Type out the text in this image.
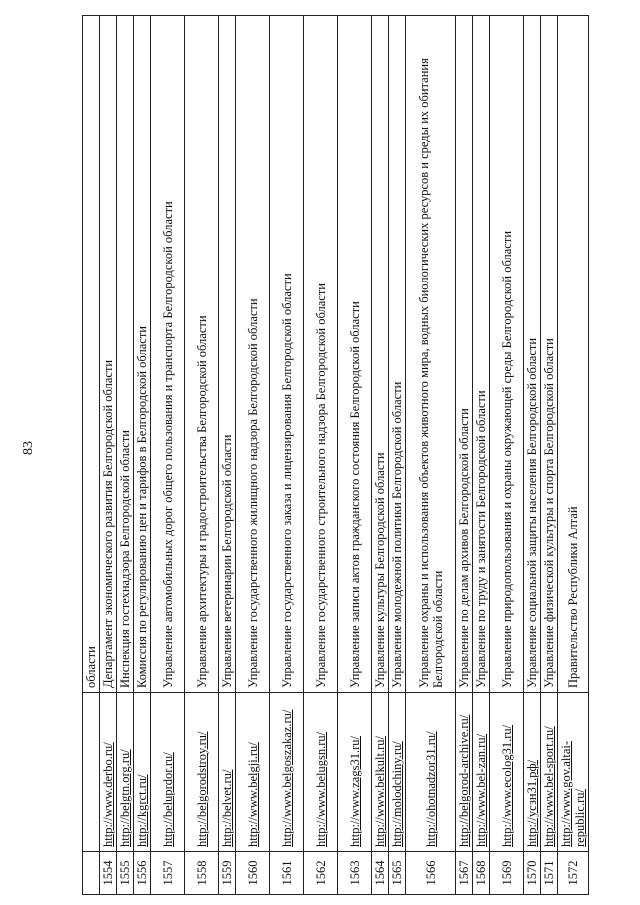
83
		области
1554	http://www.derbo.ru/	Департамент экономического развития Белгородской области
1555	http://belgtn.org.ru/	Инспекция гостехнадзора Белгородской области
1556	http://kgrct.ru/	Комиссия по регулированию цен и тарифов в Белгородской области
1557	http://beluprdor.ru/	Управление автомобильных дорог общего пользования и транспорта Белгородской области
1558	http://belgorodstroy.ru/	Управление архитектуры и градостроительства Белгородской области
1559	http://belvet.ru/	Управление ветеринарии Белгородской области
1560	http://www.belgji.ru/	Управление государственного жилищного надзора Белгородской области
1561	http://www.belgoszakaz.ru/	Управление государственного заказа и лицензирования Белгородской области
1562	http://www.belugsn.ru/	Управление государственного строительного надзора Белгородской области
1563	http://www.zags31.ru/	Управление записи актов гражданского состояния Белгородской области
1564	http://www.belkult.ru/	Управление культуры Белгородской области
1565	http://molodchiny.ru/	Управление молодежной политики Белгородской области
1566	http://ohotnadzor31.ru/	Управление охраны и использования объектов животного мира, водных биологических ресурсов и среды их обитания Белгородской области
1567	http://belgorod-archive.ru/	Управление по делам архивов Белгородской области
1568	http://www.bel-zan.ru/	Управление по труду и занятости Белгородской области
1569	http://www.ecolog31.ru/	Управление природопользования и охраны окружающей среды Белгородской области
1570	http://усзн31.рф/	Управление социальной защиты населения Белгородской области
1571	http://www.bel-sport.ru/	Управление физической культуры и спорта Белгородской области
1572	http://www.gov.altai-republic.ru/	Правительство Республики Алтай
